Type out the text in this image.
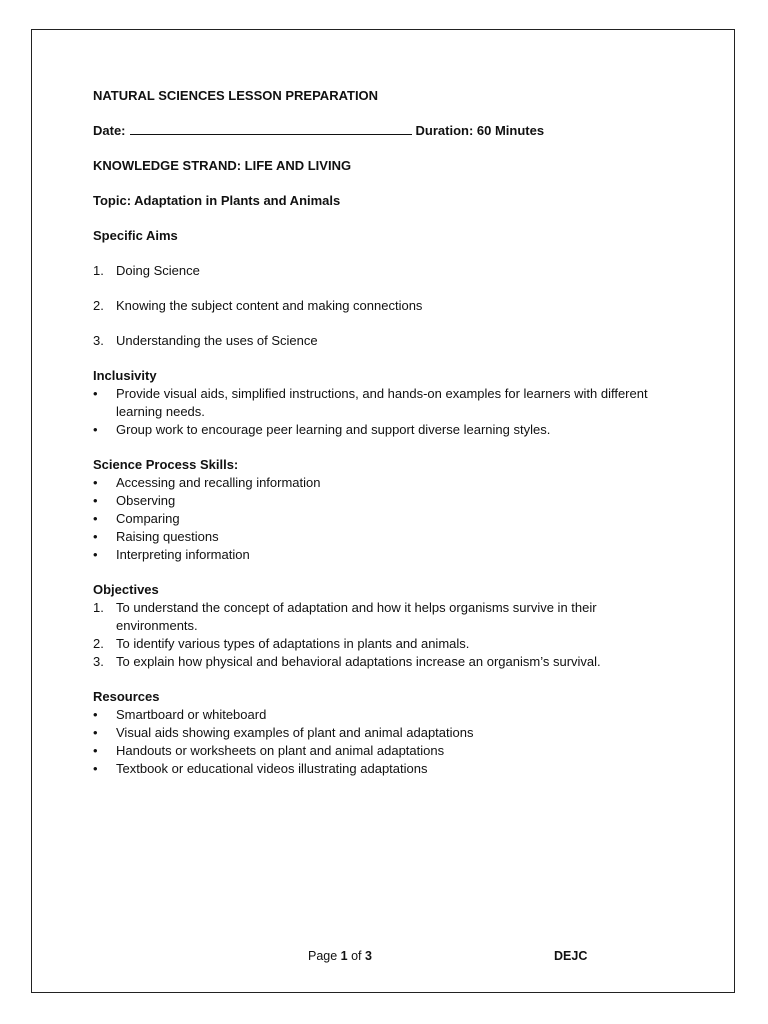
NATURAL SCIENCES LESSON PREPARATION

Date:	Duration: 60 Minutes

KNOWLEDGE STRAND: LIFE AND LIVING

Topic: Adaptation in Plants and Animals

Specific Aims

1. Doing Science
2. Knowing the subject content and making connections
3. Understanding the uses of Science

Inclusivity

•	Provide visual aids, simplified instructions, and hands-on examples for learners with different learning needs.
•	Group work to encourage peer learning and support diverse learning styles.

Science Process Skills:

•	Accessing and recalling information
•	Observing
•	Comparing
•	Raising questions
•	Interpreting information

Objectives

1. To understand the concept of adaptation and how it helps organisms survive in their environments.
2. To identify various types of adaptations in plants and animals.
3. To explain how physical and behavioral adaptations increase an organism’s survival.

Resources

•	Smartboard or whiteboard
•	Visual aids showing examples of plant and animal adaptations
•	Handouts or worksheets on plant and animal adaptations
•	Textbook or educational videos illustrating adaptations
Page 1 of 3	DEJC
